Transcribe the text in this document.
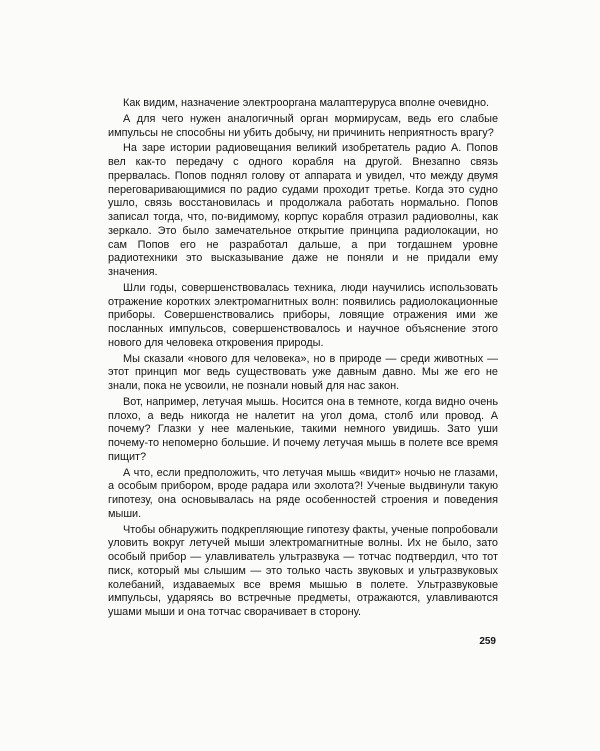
Как видим, назначение электрооргана малаптеруруса вполне очевидно.

А для чего нужен аналогичный орган мормирусам, ведь его слабые импульсы не способны ни убить добычу, ни причинить неприятность врагу?

На заре истории радиовещания великий изобретатель радио А. Попов вел как-то передачу с одного корабля на другой. Внезапно связь прервалась. Попов поднял голову от аппарата и увидел, что между двумя переговаривающимися по радио судами проходит третье. Когда это судно ушло, связь восстановилась и продолжала работать нормально. Попов записал тогда, что, по-видимому, корпус корабля отразил радиоволны, как зеркало. Это было замечательное открытие принципа радиолокации, но сам Попов его не разработал дальше, а при тогдашнем уровне радиотехники это высказывание даже не поняли и не придали ему значения.

Шли годы, совершенствовалась техника, люди научились использовать отражение коротких электромагнитных волн: появились радиолокационные приборы. Совершенствовались приборы, ловящие отражения ими же посланных импульсов, совершенствовалось и научное объяснение этого нового для человека откровения природы.

Мы сказали «нового для человека», но в природе — среди животных — этот принцип мог ведь существовать уже давным давно. Мы же его не знали, пока не усвоили, не познали новый для нас закон.

Вот, например, летучая мышь. Носится она в темноте, когда видно очень плохо, а ведь никогда не налетит на угол дома, столб или провод. А почему? Глазки у нее маленькие, такими немного увидишь. Зато уши почему-то непомерно большие. И почему летучая мышь в полете все время пищит?

А что, если предположить, что летучая мышь «видит» ночью не глазами, а особым прибором, вроде радара или эхолота?! Ученые выдвинули такую гипотезу, она основывалась на ряде особенностей строения и поведения мыши.

Чтобы обнаружить подкрепляющие гипотезу факты, ученые попробовали уловить вокруг летучей мыши электромагнитные волны. Их не было, зато особый прибор — улавливатель ультразвука — тотчас подтвердил, что тот писк, который мы слышим — это только часть звуковых и ультразвуковых колебаний, издаваемых все время мышью в полете. Ультразвуковые импульсы, ударяясь во встречные предметы, отражаются, улавливаются ушами мыши и она тотчас сворачивает в сторону.

259
